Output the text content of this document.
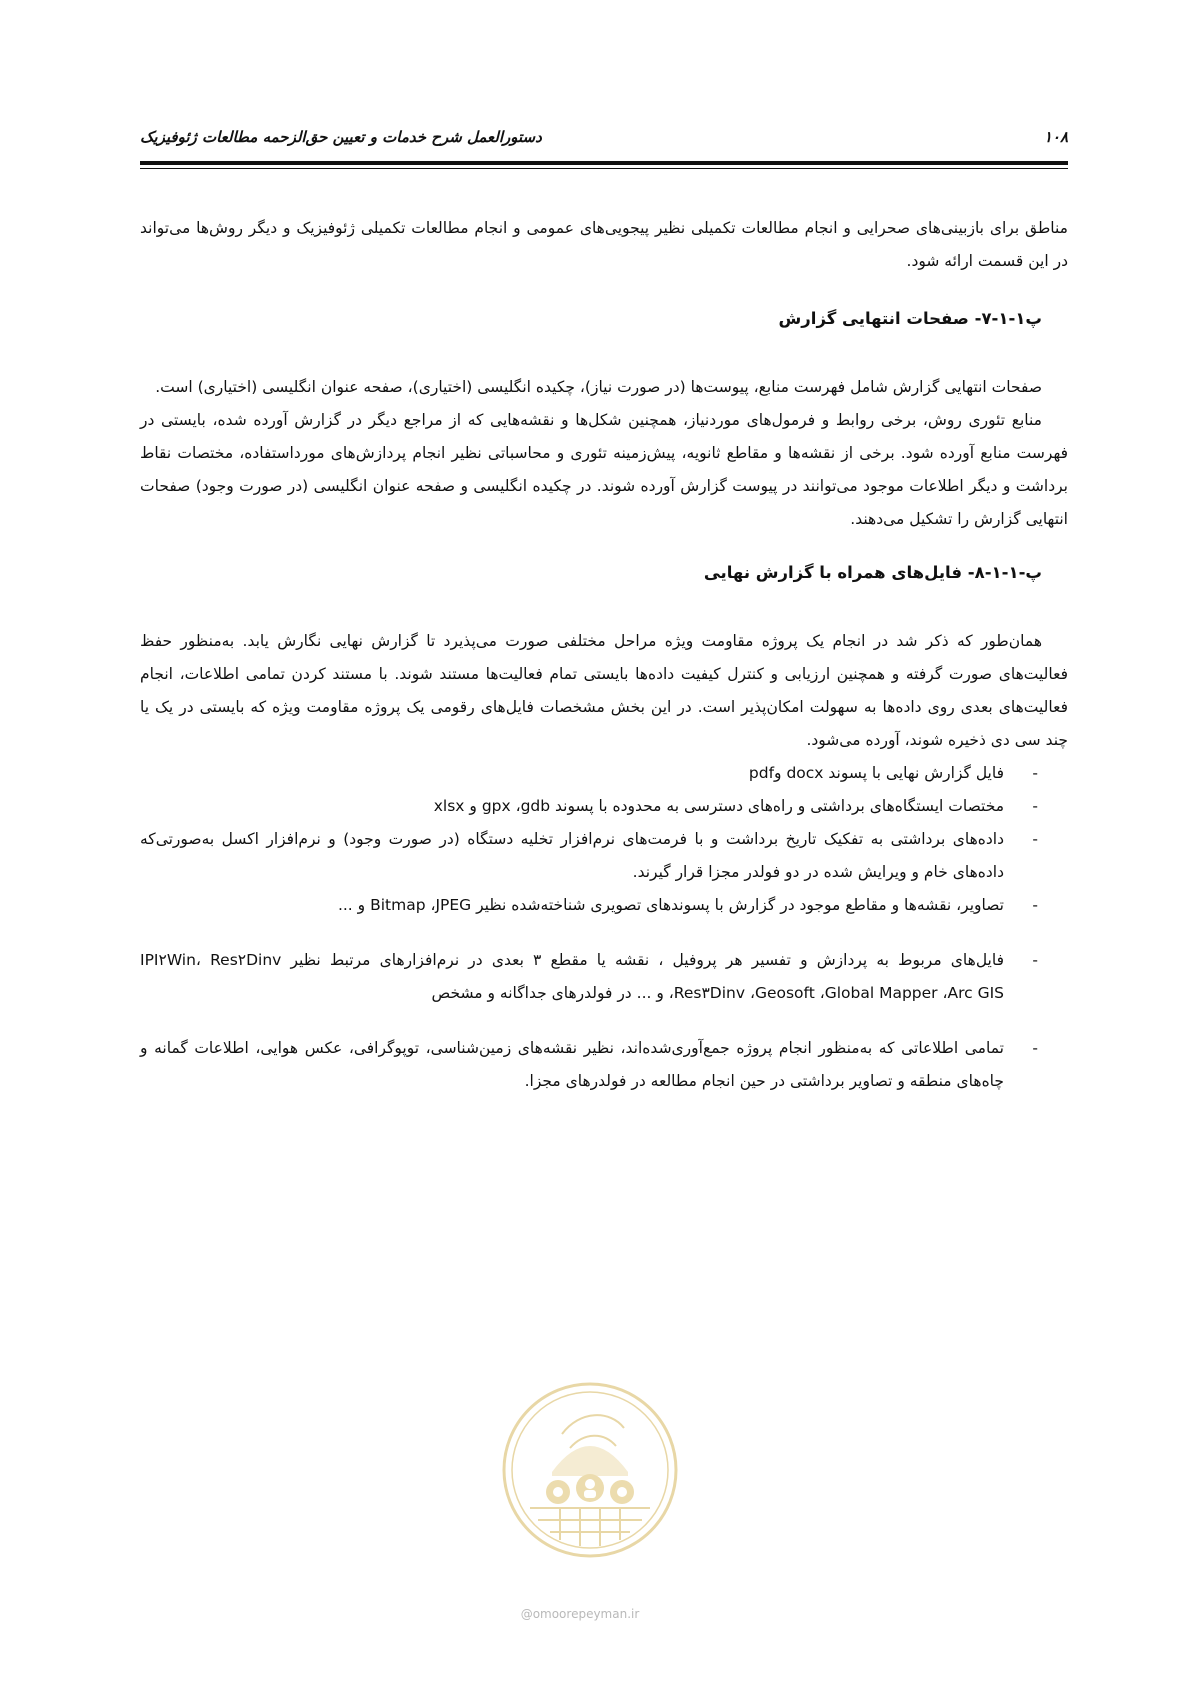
۱۰۸
دستورالعمل شرح خدمات و تعیین حق‌الزحمه مطالعات ژئوفیزیک

مناطق برای بازبینی‌های صحرایی و انجام مطالعات تکمیلی نظیر پیجویی‌های عمومی و انجام مطالعات تکمیلی ژئوفیزیک و دیگر روش‌ها می‌تواند در این قسمت ارائه شود.

پ۱-۱-۷- صفحات انتهایی گزارش

صفحات انتهایی گزارش شامل فهرست منابع، پیوست‌ها (در صورت نیاز)، چکیده انگلیسی (اختیاری)، صفحه عنوان انگلیسی (اختیاری) است.

منابع تئوری روش، برخی روابط و فرمول‌های موردنیاز، همچنین شکل‌ها و نقشه‌هایی که از مراجع دیگر در گزارش آورده شده، بایستی در فهرست منابع آورده شود. برخی از نقشه‌ها و مقاطع ثانویه، پیش‌زمینه تئوری و محاسباتی نظیر انجام پردازش‌های مورداستفاده، مختصات نقاط برداشت و دیگر اطلاعات موجود می‌توانند در پیوست گزارش آورده شوند. در چکیده انگلیسی و صفحه عنوان انگلیسی (در صورت وجود) صفحات انتهایی گزارش را تشکیل می‌دهند.

پ-۱-۱-۸- فایل‌های همراه با گزارش نهایی

همان‌طور که ذکر شد در انجام یک پروژه مقاومت ویژه مراحل مختلفی صورت می‌پذیرد تا گزارش نهایی نگارش یابد. به‌منظور حفظ فعالیت‌های صورت گرفته و همچنین ارزیابی و کنترل کیفیت داده‌ها بایستی تمام فعالیت‌ها مستند شوند. با مستند کردن تمامی اطلاعات، انجام فعالیت‌های بعدی روی داده‌ها به سهولت امکان‌پذیر است. در این بخش مشخصات فایل‌های رقومی یک پروژه مقاومت ویژه که بایستی در یک یا چند سی دی ذخیره شوند، آورده می‌شود.

-
فایل گزارش نهایی با پسوند docx وpdf
-
مختصات ایستگاه‌های برداشتی و راه‌های دسترسی به محدوده با پسوند gpx ،gdb و xlsx
-
داده‌های برداشتی به تفکیک تاریخ برداشت و با فرمت‌های نرم‌افزار تخلیه دستگاه (در صورت وجود) و نرم‌افزار اکسل به‌صورتی‌که داده‌های خام و ویرایش شده در دو فولدر مجزا قرار گیرند.
-
تصاویر، نقشه‌ها و مقاطع موجود در گزارش با پسوندهای تصویری شناخته‌شده نظیر Bitmap ،JPEG و ...
-
فایل‌های مربوط به پردازش و تفسیر هر پروفیل ، نقشه یا مقطع ۳ بعدی در نرم‌افزارهای مرتبط نظیر IPI۲Win، Res۲Dinv ،Res۳Dinv ،Geosoft ،Global Mapper ،Arc GIS و ... در فولدرهای جداگانه و مشخص
-
تمامی اطلاعاتی که به‌منظور انجام پروژه جمع‌آوری‌شده‌اند، نظیر نقشه‌های زمین‌شناسی، توپوگرافی، عکس هوایی، اطلاعات گمانه و چاه‌های منطقه و تصاویر برداشتی در حین انجام مطالعه در فولدرهای مجزا.
@omoorepeyman.ir
